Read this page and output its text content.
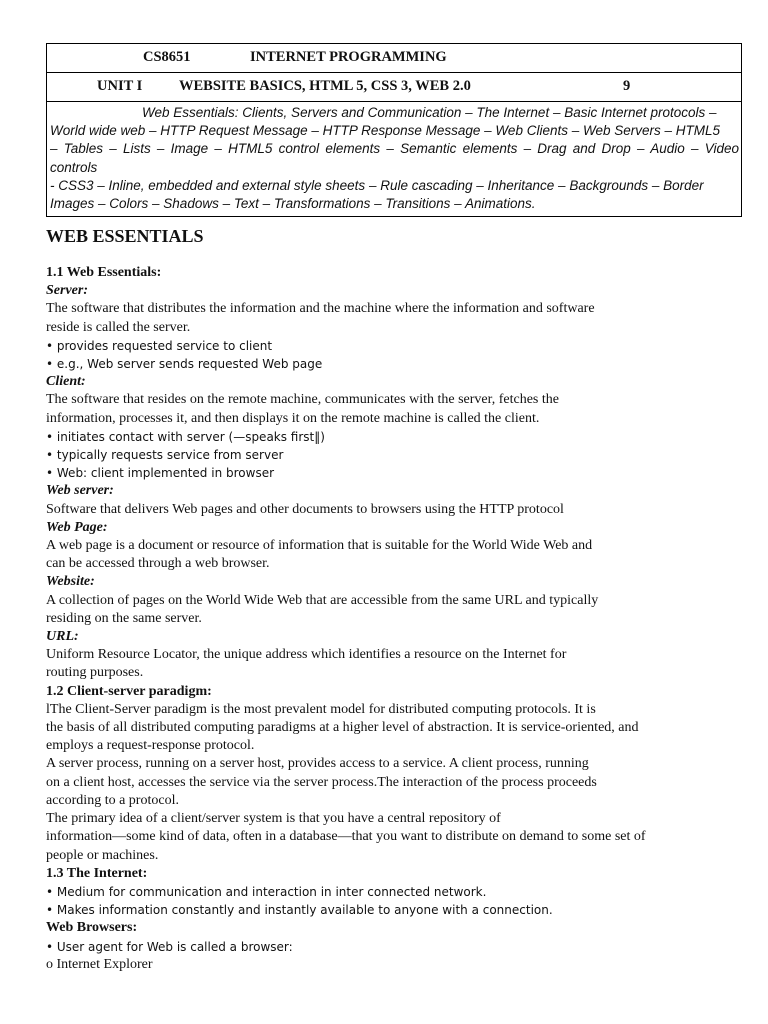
CS8651	INTERNET PROGRAMMING
UNIT I	WEBSITE BASICS, HTML 5, CSS 3, WEB 2.0	9
Web Essentials: Clients, Servers and Communication – The Internet – Basic Internet protocols –
World wide web – HTTP Request Message – HTTP Response Message – Web Clients – Web Servers – HTML5
– Tables – Lists – Image – HTML5 control elements – Semantic elements – Drag and Drop – Audio – Video controls
- CSS3 – Inline, embedded and external style sheets – Rule cascading – Inheritance – Backgrounds – Border
Images – Colors – Shadows – Text – Transformations – Transitions – Animations.
WEB ESSENTIALS
1.1 Web Essentials:
Server:
The software that distributes the information and the machine where the information and software
reside is called the server.
• provides requested service to client
• e.g., Web server sends requested Web page
Client:
The software that resides on the remote machine, communicates with the server, fetches the
information, processes it, and then displays it on the remote machine is called the client.
• initiates contact with server (—speaks first‖)
• typically requests service from server
• Web: client implemented in browser
Web server:
Software that delivers Web pages and other documents to browsers using the HTTP protocol
Web Page:
A web page is a document or resource of information that is suitable for the World Wide Web and
can be accessed through a web browser.
Website:
A collection of pages on the World Wide Web that are accessible from the same URL and typically
residing on the same server.
URL:
Uniform Resource Locator, the unique address which identifies a resource on the Internet for
routing purposes.
1.2 Client-server paradigm:
lThe Client-Server paradigm is the most prevalent model for distributed computing protocols. It is
the basis of all distributed computing paradigms at a higher level of abstraction. It is service-oriented, and
employs a request-response protocol.
A server process, running on a server host, provides access to a service. A client process, running
on a client host, accesses the service via the server process.The interaction of the process proceeds
according to a protocol.
The primary idea of a client/server system is that you have a central repository of
information—some kind of data, often in a database—that you want to distribute on demand to some set of
people or machines.
1.3 The Internet:
• Medium for communication and interaction in inter connected network.
• Makes information constantly and instantly available to anyone with a connection.
Web Browsers:
• User agent for Web is called a browser:
o Internet Explorer
